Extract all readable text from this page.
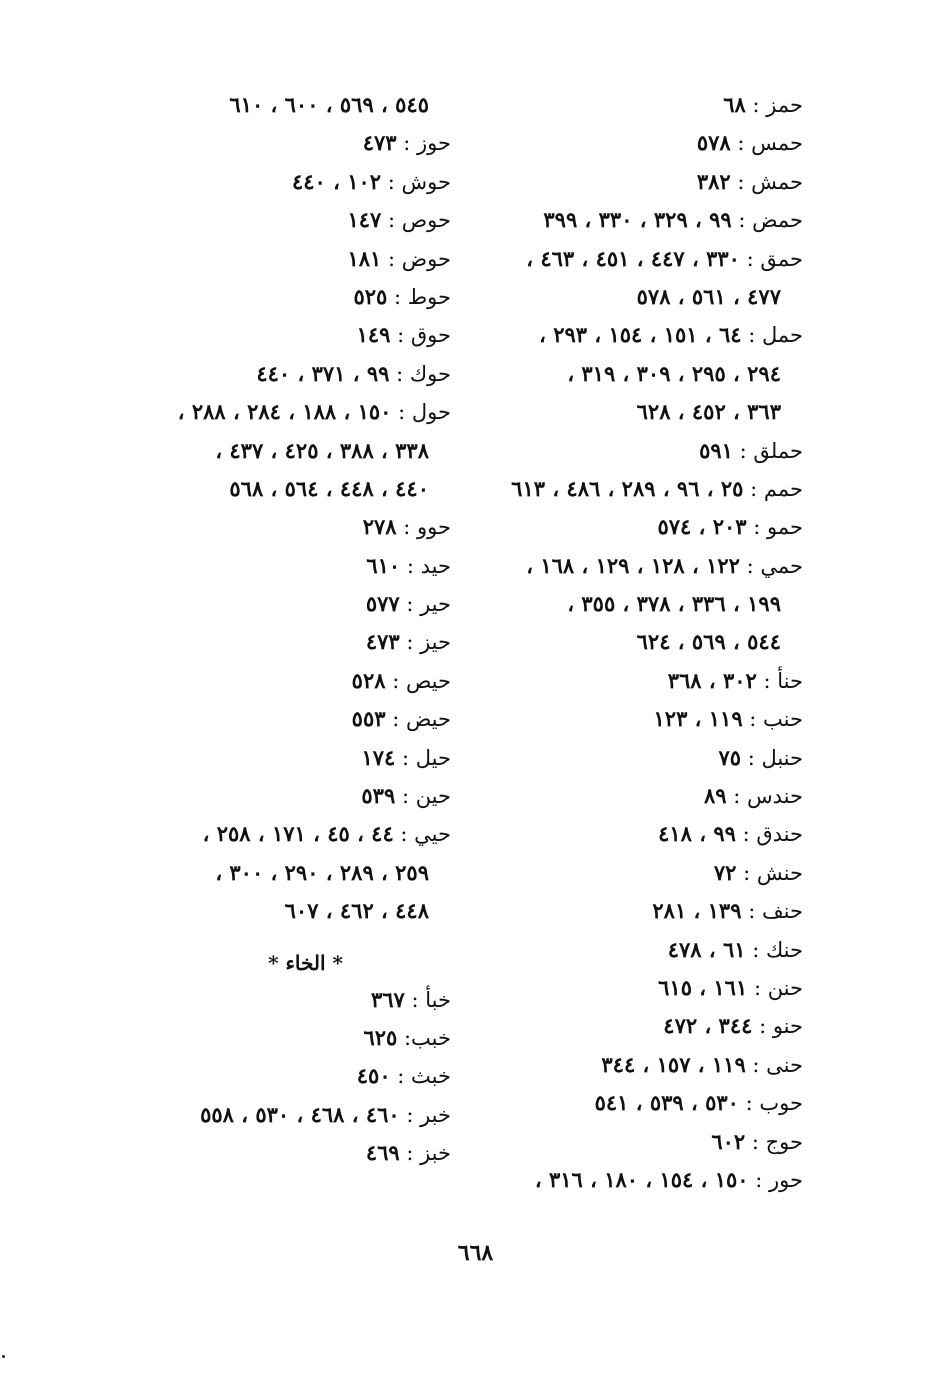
حمز : ٦٨
حمس : ٥٧٨
حمش : ٣٨٢
حمض : ٩٩ ، ٣٢٩ ، ٣٣٠ ، ٣٩٩
حمق : ٣٣٠ ، ٤٤٧ ، ٤٥١ ، ٤٦٣ ،
٤٧٧ ، ٥٦١ ، ٥٧٨
حمل : ٦٤ ، ١٥١ ، ١٥٤ ، ٢٩٣ ،
٢٩٤ ، ٢٩٥ ، ٣٠٩ ، ٣١٩ ،
٣٦٣ ، ٤٥٢ ، ٦٢٨
حملق : ٥٩١
حمم : ٢٥ ، ٩٦ ، ٢٨٩ ، ٤٨٦ ، ٦١٣
حمو : ٢٠٣ ، ٥٧٤
حمي : ١٢٢ ، ١٢٨ ، ١٢٩ ، ١٦٨ ،
١٩٩ ، ٣٣٦ ، ٣٧٨ ، ٣٥٥ ،
٥٤٤ ، ٥٦٩ ، ٦٢٤
حنأ : ٣٠٢ ، ٣٦٨
حنب : ١١٩ ، ١٢٣
حنبل : ٧٥
حندس : ٨٩
حندق : ٩٩ ، ٤١٨
حنش : ٧٢
حنف : ١٣٩ ، ٢٨١
حنك : ٦١ ، ٤٧٨
حنن : ١٦١ ، ٦١٥
حنو : ٣٤٤ ، ٤٧٢
حنى : ١١٩ ، ١٥٧ ، ٣٤٤
حوب : ٥٣٠ ، ٥٣٩ ، ٥٤١
حوج : ٦٠٢
حور : ١٥٠ ، ١٥٤ ، ١٨٠ ، ٣١٦ ،
٥٤٥ ، ٥٦٩ ، ٦٠٠ ، ٦١٠
حوز : ٤٧٣
حوش : ١٠٢ ، ٤٤٠
حوص : ١٤٧
حوض : ١٨١
حوط : ٥٢٥
حوق : ١٤٩
حوك : ٩٩ ، ٣٧١ ، ٤٤٠
حول : ١٥٠ ، ١٨٨ ، ٢٨٤ ، ٢٨٨ ،
٣٣٨ ، ٣٨٨ ، ٤٢٥ ، ٤٣٧ ،
٤٤٠ ، ٤٤٨ ، ٥٦٤ ، ٥٦٨
حوو : ٢٧٨
حيد : ٦١٠
حير : ٥٧٧
حيز : ٤٧٣
حيص : ٥٢٨
حيض : ٥٥٣
حيل : ١٧٤
حين : ٥٣٩
حيي : ٤٤ ، ٤٥ ، ١٧١ ، ٢٥٨ ،
٢٥٩ ، ٢٨٩ ، ٢٩٠ ، ٣٠٠ ،
٤٤٨ ، ٤٦٢ ، ٦٠٧
* الخاء *
خبأ : ٣٦٧
خبب: ٦٢٥
خبث : ٤٥٠
خبر : ٤٦٠ ، ٤٦٨ ، ٥٣٠ ، ٥٥٨
خبز : ٤٦٩
٦٦٨
